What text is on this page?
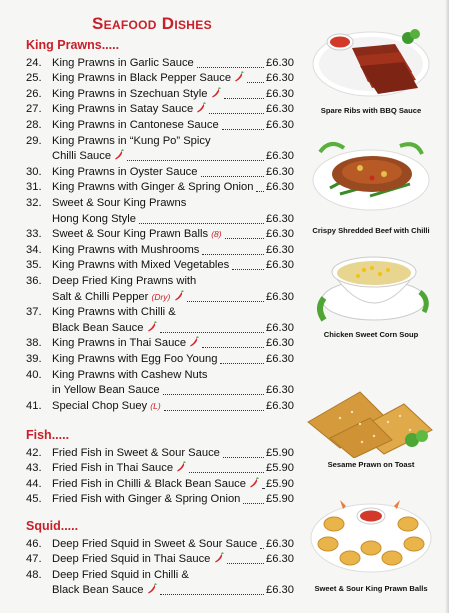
Seafood Dishes
King Prawns.....
24. King Prawns in Garlic Sauce	£6.30
25. King Prawns in Black Pepper Sauce	£6.30
26. King Prawns in Szechuan Style	£6.30
27. King Prawns in Satay Sauce	£6.30
28. King Prawns in Cantonese Sauce	£6.30
29. King Prawns in “Kung Po” Spicy
Chilli Sauce	£6.30
30. King Prawns in Oyster Sauce	£6.30
31. King Prawns with Ginger & Spring Onion £6.30
32. Sweet & Sour King Prawns
Hong Kong Style	£6.30
33. Sweet & Sour King Prawn Balls (8)	£6.30
34. King Prawns with Mushrooms	£6.30
35. King Prawns with Mixed Vegetables	£6.30
36. Deep Fried King Prawns with
Salt & Chilli Pepper (Dry)	£6.30
37. King Prawns with Chilli &
Black Bean Sauce	£6.30
38. King Prawns in Thai Sauce	£6.30
39. King Prawns with Egg Foo Young	£6.30
40. King Prawns with Cashew Nuts
in Yellow Bean Sauce	£6.30
41. Special Chop Suey (L)	£6.30
Fish.....
42. Fried Fish in Sweet & Sour Sauce	£5.90
43. Fried Fish in Thai Sauce	£5.90
44. Fried Fish in Chilli & Black Bean Sauce	£5.90
45. Fried Fish with Ginger & Spring Onion £5.90
Squid.....
46. Deep Fried Squid in Sweet & Sour Sauce £6.30
47. Deep Fried Squid in Thai Sauce	£6.30
48. Deep Fried Squid in Chilli &
Black Bean Sauce	£6.30
Spare Ribs with BBQ Sauce
Crispy Shredded Beef with Chilli
Chicken Sweet Corn Soup
Sesame Prawn on Toast
Sweet & Sour King Prawn Balls
